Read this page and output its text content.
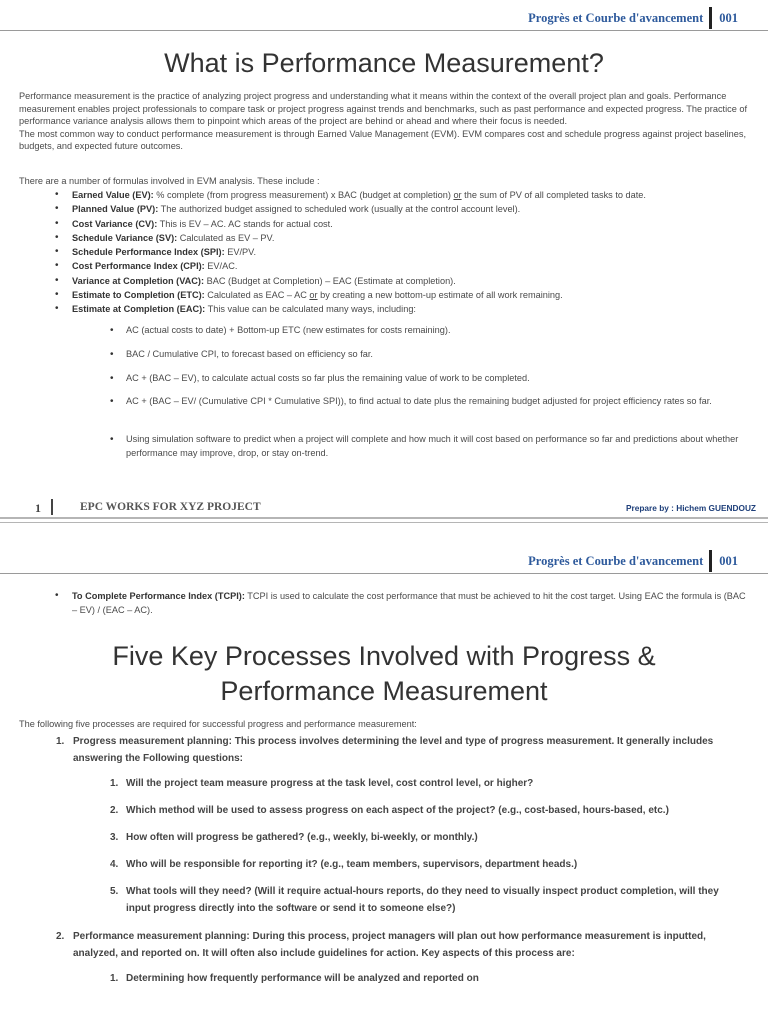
Progrès et Courbe d'avancement	001
What is Performance Measurement?

Performance measurement is the practice of analyzing project progress and understanding what it means within the context of the overall project plan and goals. Performance measurement enables project professionals to compare task or project progress against trends and benchmarks, such as past performance and expected progress. The practice of performance variance analysis allows them to pinpoint which areas of the project are behind or ahead and where their focus is needed.
The most common way to conduct performance measurement is through Earned Value Management (EVM). EVM compares cost and schedule progress against project baselines, budgets, and expected future outcomes.

There are a number of formulas involved in EVM analysis. These include :

• Earned Value (EV): % complete (from progress measurement) x BAC (budget at completion) or the sum of PV of all completed tasks to date.
• Planned Value (PV): The authorized budget assigned to scheduled work (usually at the control account level).
• Cost Variance (CV): This is EV – AC. AC stands for actual cost.
• Schedule Variance (SV): Calculated as EV – PV.
• Schedule Performance Index (SPI): EV/PV.
• Cost Performance Index (CPI): EV/AC.
• Variance at Completion (VAC): BAC (Budget at Completion) – EAC (Estimate at completion).
• Estimate to Completion (ETC): Calculated as EAC – AC or by creating a new bottom-up estimate of all work remaining.
• Estimate at Completion (EAC): This value can be calculated many ways, including:
• AC (actual costs to date) + Bottom-up ETC (new estimates for costs remaining).
• BAC / Cumulative CPI, to forecast based on efficiency so far.
• AC + (BAC – EV), to calculate actual costs so far plus the remaining value of work to be completed.
• AC + (BAC – EV/ (Cumulative CPI * Cumulative SPI)), to find actual to date plus the remaining budget adjusted for project efficiency rates so far.
• Using simulation software to predict when a project will complete and how much it will cost based on performance so far and predictions about whether performance may improve, drop, or stay on-trend.
1	EPC WORKS FOR XYZ PROJECT	Prepare by : Hichem GUENDOUZ
Progrès et Courbe d'avancement	001
• To Complete Performance Index (TCPI): TCPI is used to calculate the cost performance that must be achieved to hit the cost target. Using EAC the formula is (BAC – EV) / (EAC – AC).
Five Key Processes Involved with Progress &
Performance Measurement

The following five processes are required for successful progress and performance measurement:

1. Progress measurement planning: This process involves determining the level and type of progress measurement. It generally includes answering the Following questions:
1. Will the project team measure progress at the task level, cost control level, or higher?
2. Which method will be used to assess progress on each aspect of the project? (e.g., cost-based, hours-based, etc.)
3. How often will progress be gathered? (e.g., weekly, bi-weekly, or monthly.)
4. Who will be responsible for reporting it? (e.g., team members, supervisors, department heads.)
5. What tools will they need? (Will it require actual-hours reports, do they need to visually inspect product completion, will they input progress directly into the software or send it to someone else?)
2. Performance measurement planning: During this process, project managers will plan out how performance measurement is inputted, analyzed, and reported on. It will often also include guidelines for action. Key aspects of this process are:
1. Determining how frequently performance will be analyzed and reported on
